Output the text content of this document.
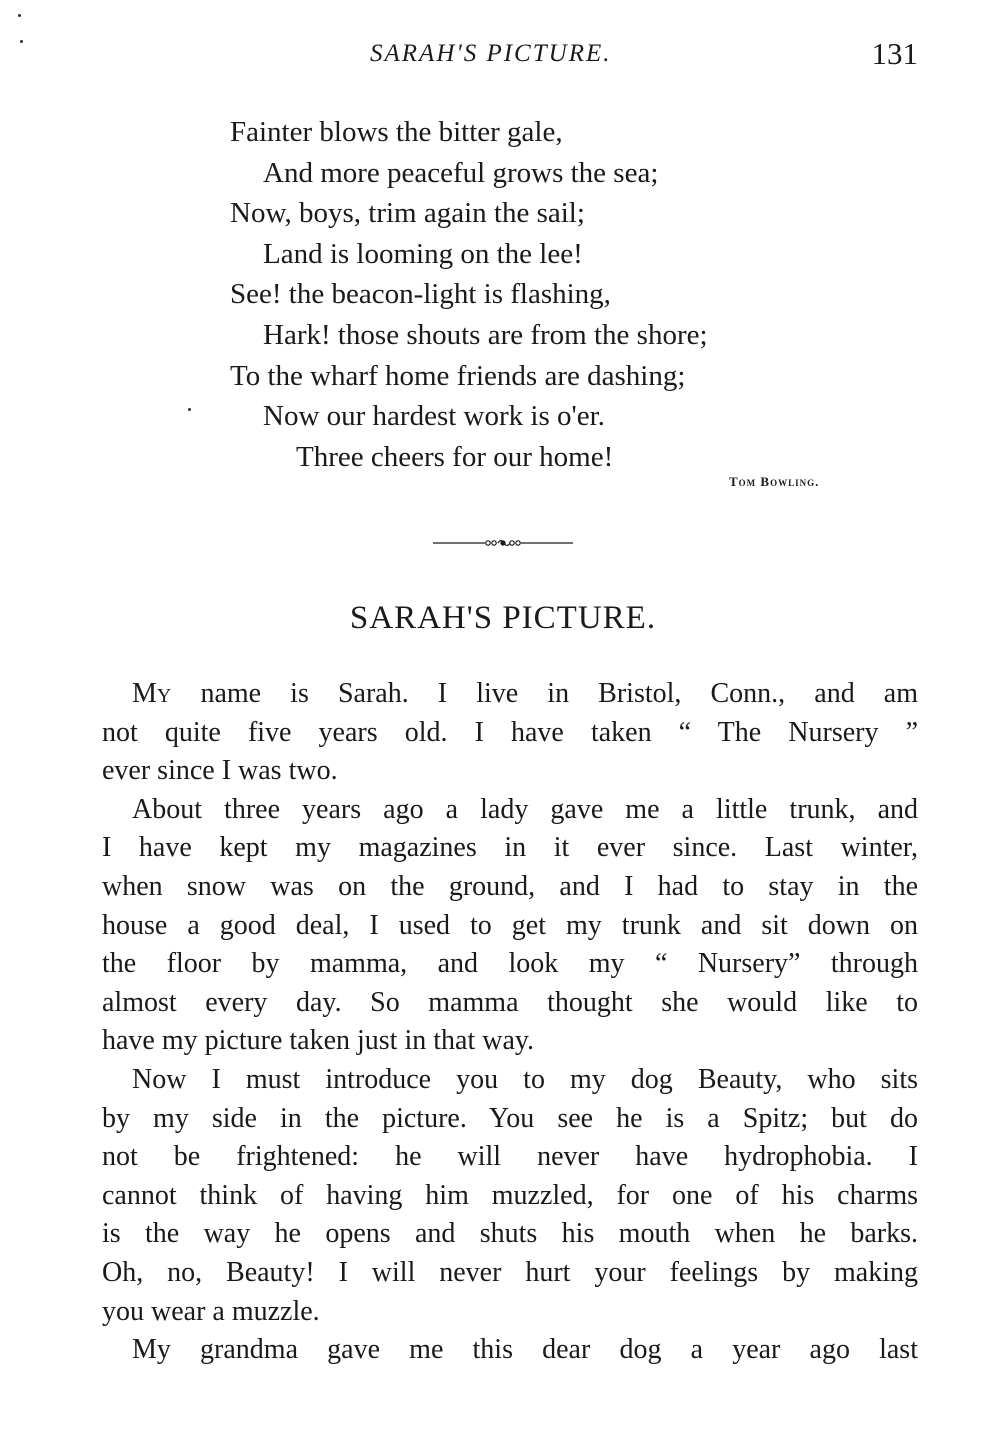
SARAH'S PICTURE.	131
Fainter blows the bitter gale,
And more peaceful grows the sea;
Now, boys, trim again the sail;
Land is looming on the lee!
See! the beacon-light is flashing,
Hark! those shouts are from the shore;
To the wharf home friends are dashing;
Now our hardest work is o'er.
Three cheers for our home!
Tom Bowling.
SARAH'S PICTURE.
My name is Sarah. I live in Bristol, Conn., and am
not quite five years old. I have taken “ The Nursery ”
ever since I was two.
About three years ago a lady gave me a little trunk, and
I have kept my magazines in it ever since. Last winter,
when snow was on the ground, and I had to stay in the
house a good deal, I used to get my trunk and sit down on
the floor by mamma, and look my “ Nursery” through
almost every day. So mamma thought she would like to
have my picture taken just in that way.
Now I must introduce you to my dog Beauty, who sits
by my side in the picture. You see he is a Spitz; but do
not be frightened: he will never have hydrophobia. I
cannot think of having him muzzled, for one of his charms
is the way he opens and shuts his mouth when he barks.
Oh, no, Beauty! I will never hurt your feelings by making
you wear a muzzle.
My grandma gave me this dear dog a year ago last
